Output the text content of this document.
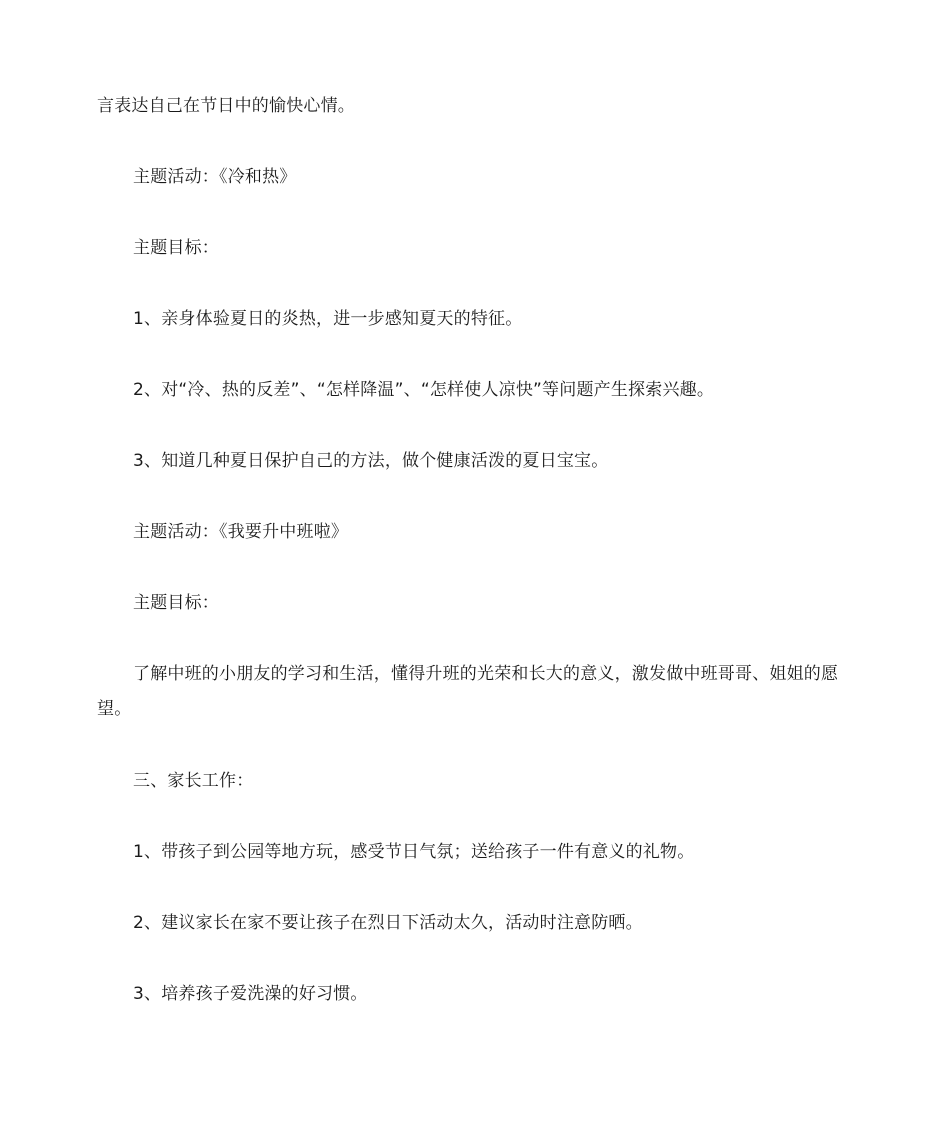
言表达自己在节日中的愉快心情。

主题活动：《冷和热》

主题目标：

1、亲身体验夏日的炎热，进一步感知夏天的特征。

2、对“冷、热的反差”、“怎样降温”、“怎样使人凉快”等问题产生探索兴趣。

3、知道几种夏日保护自己的方法，做个健康活泼的夏日宝宝。

主题活动：《我要升中班啦》

主题目标：

了解中班的小朋友的学习和生活，懂得升班的光荣和长大的意义，激发做中班哥哥、姐姐的愿望。

三、家长工作：

1、带孩子到公园等地方玩，感受节日气氛；送给孩子一件有意义的礼物。

2、建议家长在家不要让孩子在烈日下活动太久，活动时注意防晒。

3、培养孩子爱洗澡的好习惯。
